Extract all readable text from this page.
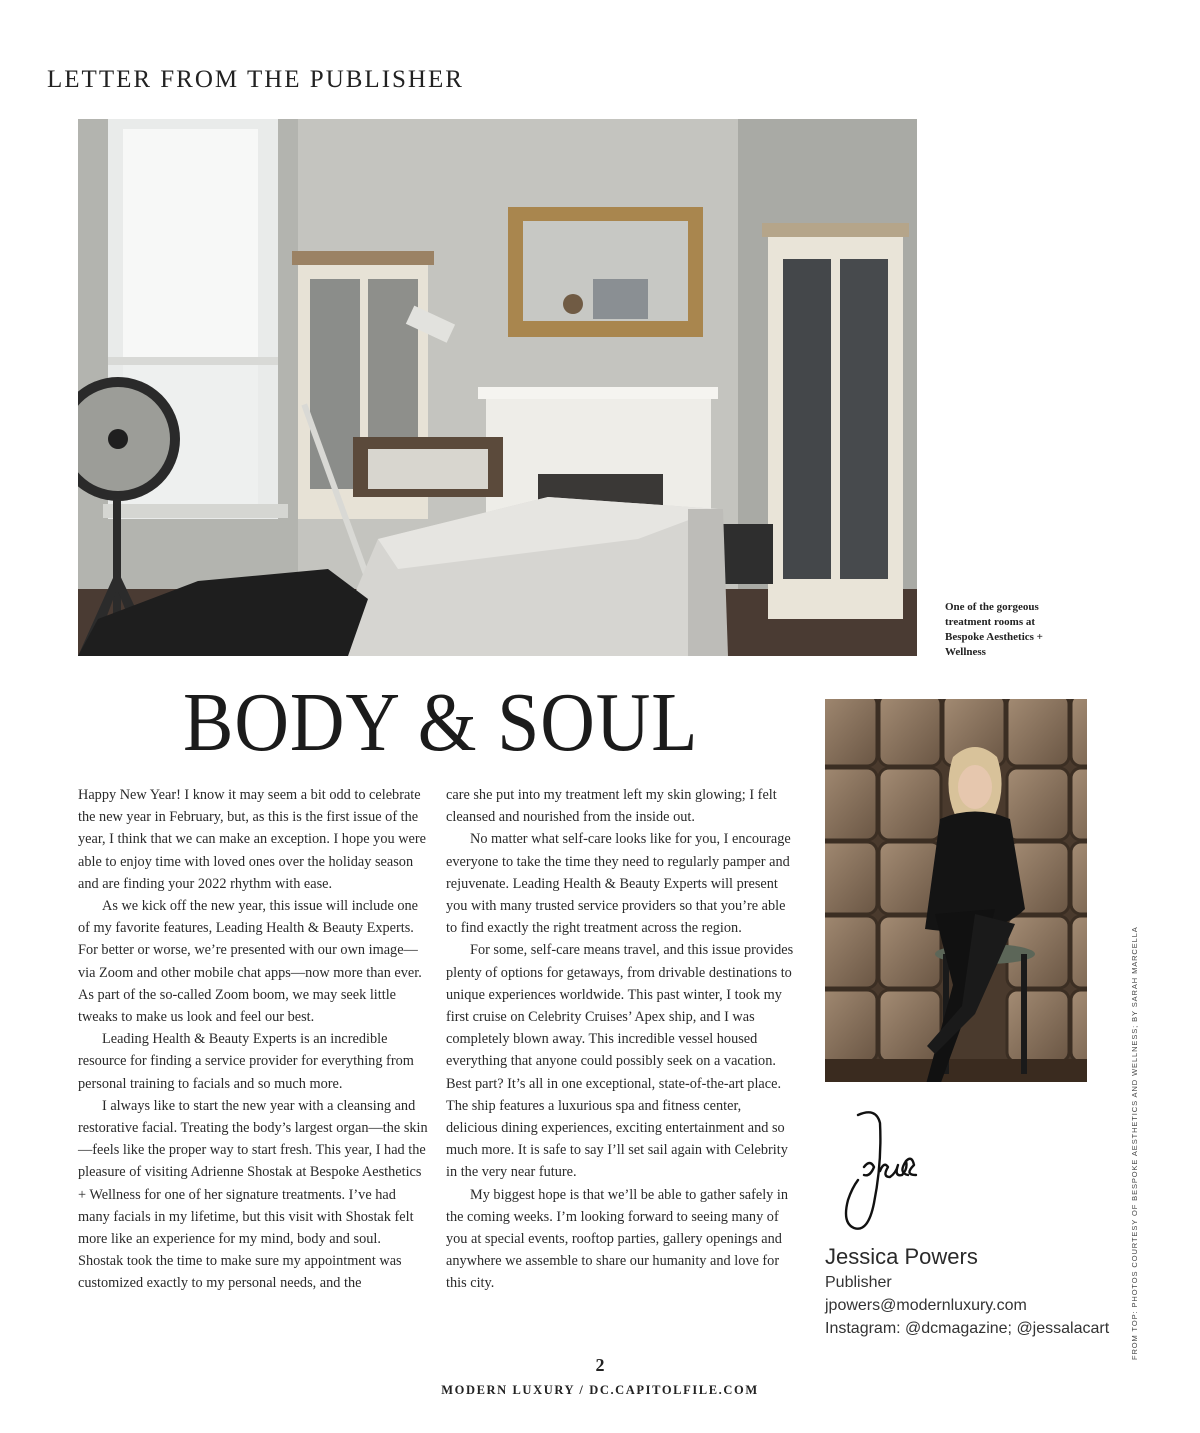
LETTER FROM THE PUBLISHER
One of the gorgeous treatment rooms at Bespoke Aesthetics + Wellness
BODY & SOUL

Happy New Year! I know it may seem a bit odd to celebrate the new year in February, but, as this is the first issue of the year, I think that we can make an exception. I hope you were able to enjoy time with loved ones over the holiday season and are finding your 2022 rhythm with ease.

As we kick off the new year, this issue will include one of my favorite features, Leading Health & Beauty Experts. For better or worse, we’re presented with our own image—via Zoom and other mobile chat apps—now more than ever. As part of the so-called Zoom boom, we may seek little tweaks to make us look and feel our best.

Leading Health & Beauty Experts is an incredible resource for finding a service provider for everything from personal training to facials and so much more.

I always like to start the new year with a cleansing and restorative facial. Treating the body’s largest organ—the skin—feels like the proper way to start fresh. This year, I had the pleasure of visiting Adrienne Shostak at Bespoke Aesthetics + Wellness for one of her signature treatments. I’ve had many facials in my lifetime, but this visit with Shostak felt more like an experience for my mind, body and soul. Shostak took the time to make sure my appointment was customized exactly to my personal needs, and the

care she put into my treatment left my skin glowing; I felt cleansed and nourished from the inside out.

No matter what self-care looks like for you, I encourage everyone to take the time they need to regularly pamper and rejuvenate. Leading Health & Beauty Experts will present you with many trusted service providers so that you’re able to find exactly the right treatment across the region.

For some, self-care means travel, and this issue provides plenty of options for getaways, from drivable destinations to unique experiences worldwide. This past winter, I took my first cruise on Celebrity Cruises’ Apex ship, and I was completely blown away. This incredible vessel housed everything that anyone could possibly seek on a vacation. Best part? It’s all in one exceptional, state-of-the-art place. The ship features a luxurious spa and fitness center, delicious dining experiences, exciting entertainment and so much more. It is safe to say I’ll set sail again with Celebrity in the very near future.

My biggest hope is that we’ll be able to gather safely in the coming weeks. I’m looking forward to seeing many of you at special events, rooftop parties, gallery openings and anywhere we assemble to share our humanity and love for this city.

Jessica Powers
Publisher
jpowers@modernluxury.com
Instagram: @dcmagazine; @jessalacart	FROM TOP: PHOTOS COURTESY OF BESPOKE AESTHETICS AND WELLNESS; BY SARAH MARCELLA
2
MODERN LUXURY / DC.CAPITOLFILE.COM
